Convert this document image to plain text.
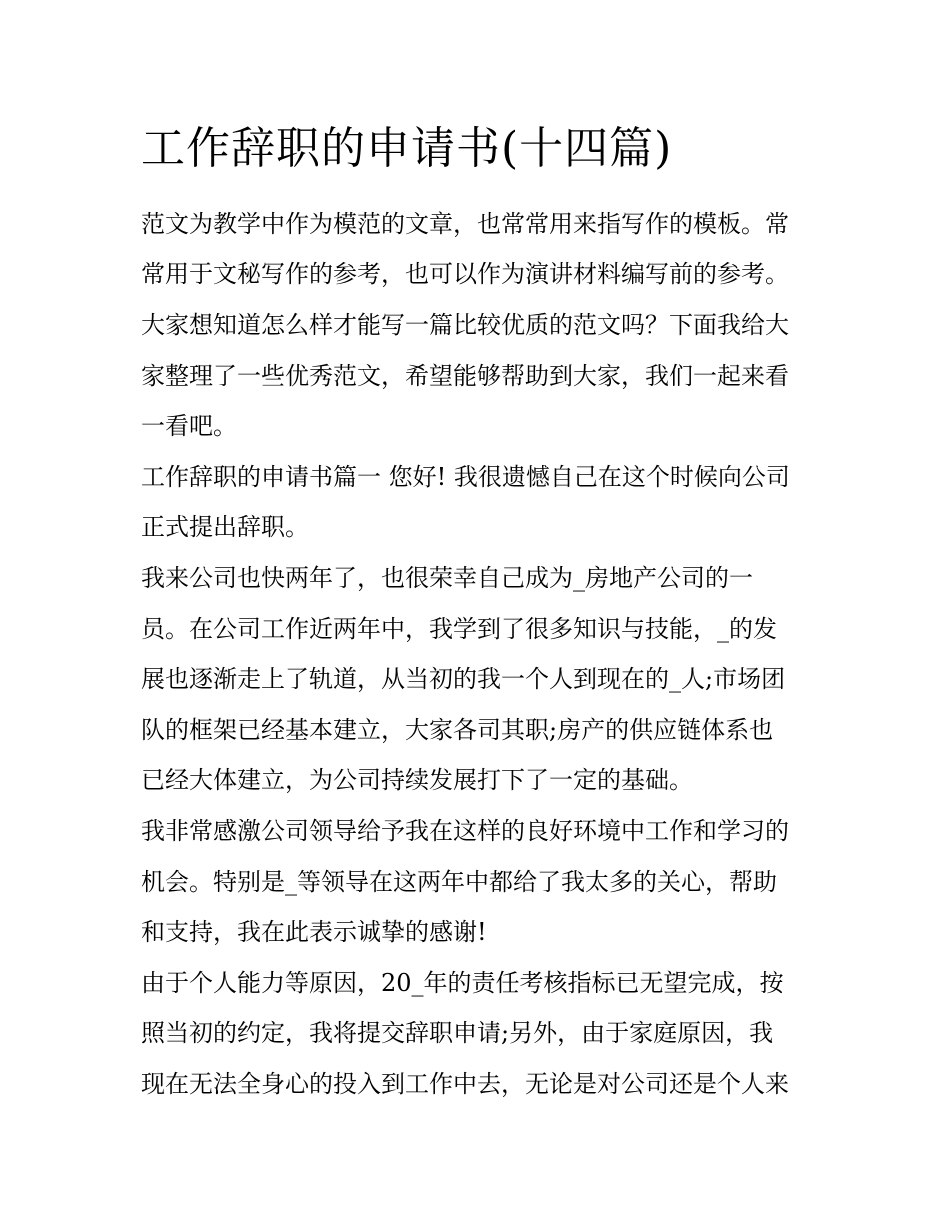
工作辞职的申请书(十四篇)

范文为教学中作为模范的文章，也常常用来指写作的模板。常

常用于文秘写作的参考，也可以作为演讲材料编写前的参考。

大家想知道怎么样才能写一篇比较优质的范文吗？下面我给大

家整理了一些优秀范文，希望能够帮助到大家，我们一起来看

一看吧。

工作辞职的申请书篇一 您好! 我很遗憾自己在这个时候向公司

正式提出辞职。

我来公司也快两年了，也很荣幸自己成为_房地产公司的一

员。在公司工作近两年中，我学到了很多知识与技能，_的发

展也逐渐走上了轨道，从当初的我一个人到现在的_人;市场团

队的框架已经基本建立，大家各司其职;房产的供应链体系也

已经大体建立，为公司持续发展打下了一定的基础。

我非常感激公司领导给予我在这样的良好环境中工作和学习的

机会。特别是_等领导在这两年中都给了我太多的关心，帮助

和支持，我在此表示诚挚的感谢!

由于个人能力等原因，20_年的责任考核指标已无望完成，按

照当初的约定，我将提交辞职申请;另外，由于家庭原因，我

现在无法全身心的投入到工作中去，无论是对公司还是个人来
